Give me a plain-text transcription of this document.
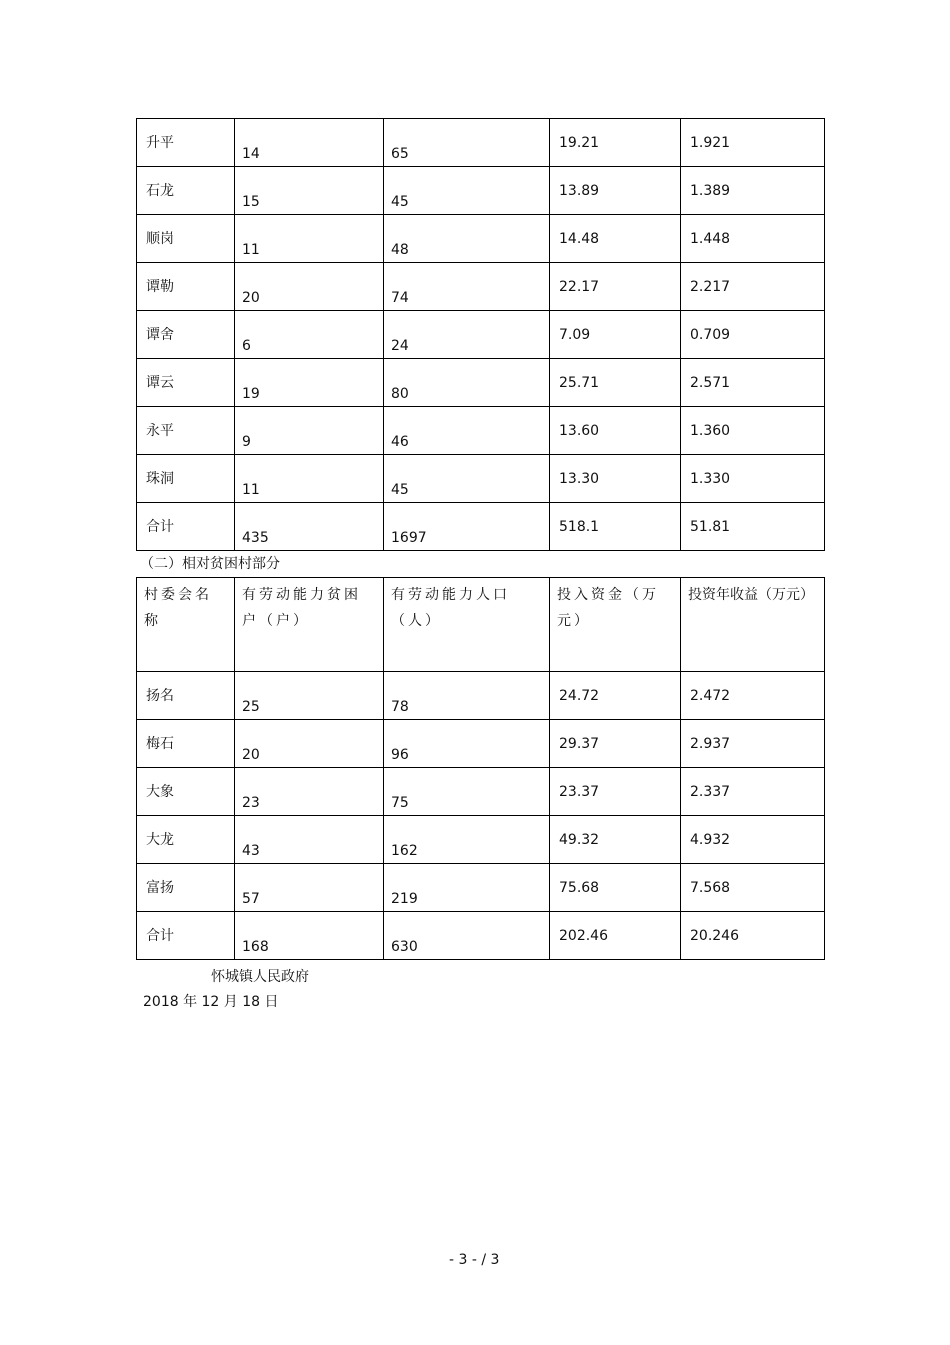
升平	14	65	19.21	1.921

石龙	15	45	13.89	1.389

顺岗	11	48	14.48	1.448

谭勒	20	74	22.17	2.217

谭舍	6	24	7.09	0.709

谭云	19	80	25.71	2.571

永平	9	46	13.60	1.360

珠洞	11	45	13.30	1.330

合计	435	1697	518.1	51.81
（二）相对贫困村部分
村委会名称	有劳动能力贫困户（户）	有劳动能力人口（人）	投入资金（万元）	投资年收益（万元）

扬名	25	78	24.72	2.472

梅石	20	96	29.37	2.937

大象	23	75	23.37	2.337

大龙	43	162	49.32	4.932

富扬	57	219	75.68	7.568

合计	168	630	202.46	20.246
怀城镇人民政府
2018 年 12 月 18 日
- 3 - / 3
